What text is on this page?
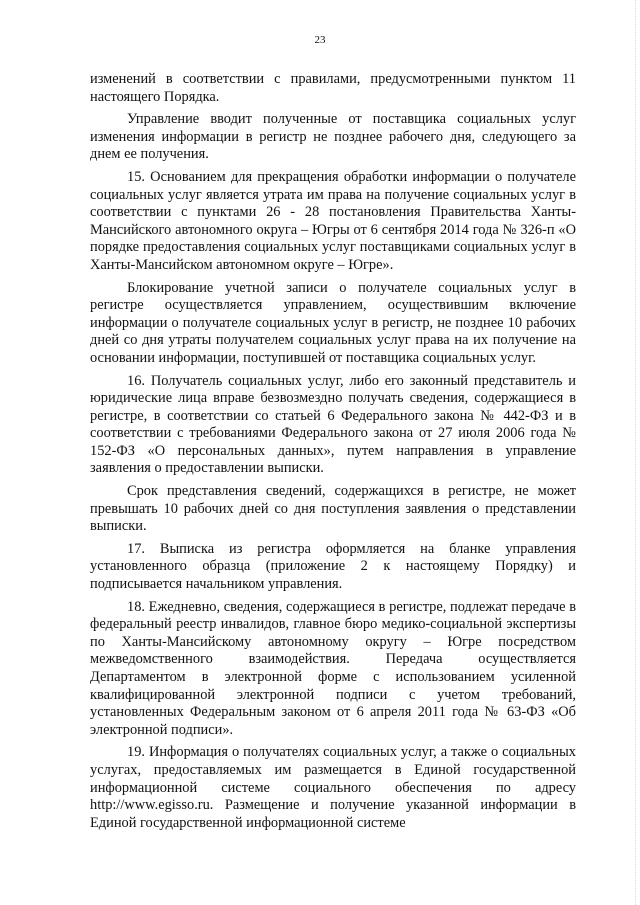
23

изменений в соответствии с правилами, предусмотренными пунктом 11 настоящего Порядка.

Управление вводит полученные от поставщика социальных услуг изменения информации в регистр не позднее рабочего дня, следующего за днем ее получения.

15. Основанием для прекращения обработки информации о получателе социальных услуг является утрата им права на получение социальных услуг в соответствии с пунктами 26 - 28 постановления Правительства Ханты-Мансийского автономного округа – Югры от 6 сентября 2014 года № 326-п «О порядке предоставления социальных услуг поставщиками социальных услуг в Ханты-Мансийском автономном округе – Югре».

Блокирование учетной записи о получателе социальных услуг в регистре осуществляется управлением, осуществившим включение информации о получателе социальных услуг в регистр, не позднее 10 рабочих дней со дня утраты получателем социальных услуг права на их получение на основании информации, поступившей от поставщика социальных услуг.

16. Получатель социальных услуг, либо его законный представитель и юридические лица вправе безвозмездно получать сведения, содержащиеся в регистре, в соответствии со статьей 6 Федерального закона № 442-ФЗ и в соответствии с требованиями Федерального закона от 27 июля 2006 года № 152-ФЗ «О персональных данных», путем направления в управление заявления о предоставлении выписки.

Срок представления сведений, содержащихся в регистре, не может превышать 10 рабочих дней со дня поступления заявления о представлении выписки.

17. Выписка из регистра оформляется на бланке управления установленного образца (приложение 2 к настоящему Порядку) и подписывается начальником управления.

18. Ежедневно, сведения, содержащиеся в регистре, подлежат передаче в федеральный реестр инвалидов, главное бюро медико-социальной экспертизы по Ханты-Мансийскому автономному округу – Югре посредством межведомственного взаимодействия. Передача осуществляется Департаментом в электронной форме с использованием усиленной квалифицированной электронной подписи с учетом требований, установленных Федеральным законом от 6 апреля 2011 года № 63-ФЗ «Об электронной подписи».

19. Информация о получателях социальных услуг, а также о социальных услугах, предоставляемых им размещается в Единой государственной информационной системе социального обеспечения по адресу http://www.egisso.ru. Размещение и получение указанной информации в Единой государственной информационной системе
